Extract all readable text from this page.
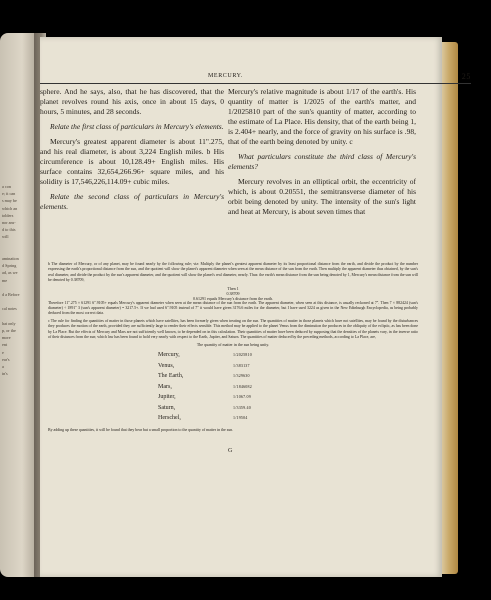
a con
e; it can
s may be
which an
tolders
nor ans-
d to this
will

amination
d Spring
ad, as we
me

d a Before

cal notes

hat only
p, or the
more
ent
e
ear's
a
in's
MERCURY.	25

sphere. And he says, also, that he has discovered, that the planet revolves round his axis, once in about 15 days, 0 hours, 5 minutes, and 28 seconds.

Relate the first class of particulars in Mercury's elements.

Mercury's greatest apparent diameter is about 11".275, and his real diameter, is about 3,224 English miles. b His circumference is about 10,128.49+ English miles. His surface contains 32,654,266.96+ square miles, and his solidity is 17,546,226,114.09+ cubic miles.

Relate the second class of particulars in Mercury's elements.

Mercury's relative magnitude is about 1/17 of the earth's. His quantity of matter is 1/2025 of the earth's matter, and 1/2025810 part of the sun's quantity of matter, according to the estimate of La Place. His density, that of the earth being 1, is 2.404+ nearly, and the force of gravity on his surface is .98, that of the earth being denoted by unity. c

What particulars constitute the third class of Mercury's elements?

Mercury revolves in an elliptical orbit, the eccentricity of which, is about 0.20551, the semitransverse diameter of his orbit being denoted by unity. The intensity of the sun's light and heat at Mercury, is about seven times that

b The diameter of Mercury, or of any planet, may be found nearly by the following rule; viz: Multiply the planet's greatest apparent diameter by its least proportional distance from the earth, and divide the product by the number expressing the earth's proportional distance from the sun, and the quotient will show the planet's apparent diameter when seen at the mean distance of the sun from the earth. Then multiply the apparent diameter thus obtained, by the sun's real diameter, and divide the product by the sun's apparent diameter, and the quotient will show the planet's real diameter, nearly. Thus: the earth's mean distance from the sun being denoted by 1, Mercury's mean distance from the sun will be denoted by 0.38709,

Then 1
0.38709
0.61291 equals Mercury's distance from the earth.

Therefore 11".275 × 61291 6".9105+ equals Mercury's apparent diameter when seen at the mean distance of the sun from the earth. The apparent diameter, when seen at this distance, is usually reckoned at 7". Then 7 × 882424 (sun's diameter) ÷ 1891" 3 (sun's apparent diameter) = 3217.5+. If we had used 6".9105 instead of 7" it would have given 3176.6 miles for the diameter, but I have used 3224 as given in the New Edinburgh Encyclopedia, as being probably deduced from the most correct data.

c The rule for finding the quantities of matter in those planets which have satellites, has been formerly given when treating on the sun. The quantities of matter in those planets which have not satellites, may be found by the disturbances they produces the motion of the earth, provided they are sufficiently large to render their effects sensible. This method may be applied to the planet Venus from the diminution the produces in the obliquity of the ecliptic, as has been done by La Place. But the effects of Mercury and Mars are not sufficiently well known, to be depended on in this calculation. Their quantities of matter have been deduced by supposing that the densities of the planets vary, in the inverse ratio of their distances from the sun; which law has been found to hold very nearly with respect to the Earth, Jupiter, and Saturn. The quantities of matter deduced by the preceding methods, according to La Place, are,

The quantity of matter in the sun being unity.
Mercury,	1/2025810
Venus,	1/383137
The Earth,	1/329630
Mars,	1/1846082
Jupiter,	1/1067.09
Saturn,	1/3359.40
Herschel,	1/19504

By adding up these quantities, it will be found that they bear but a small proportion to the quantity of matter in the sun.

G
